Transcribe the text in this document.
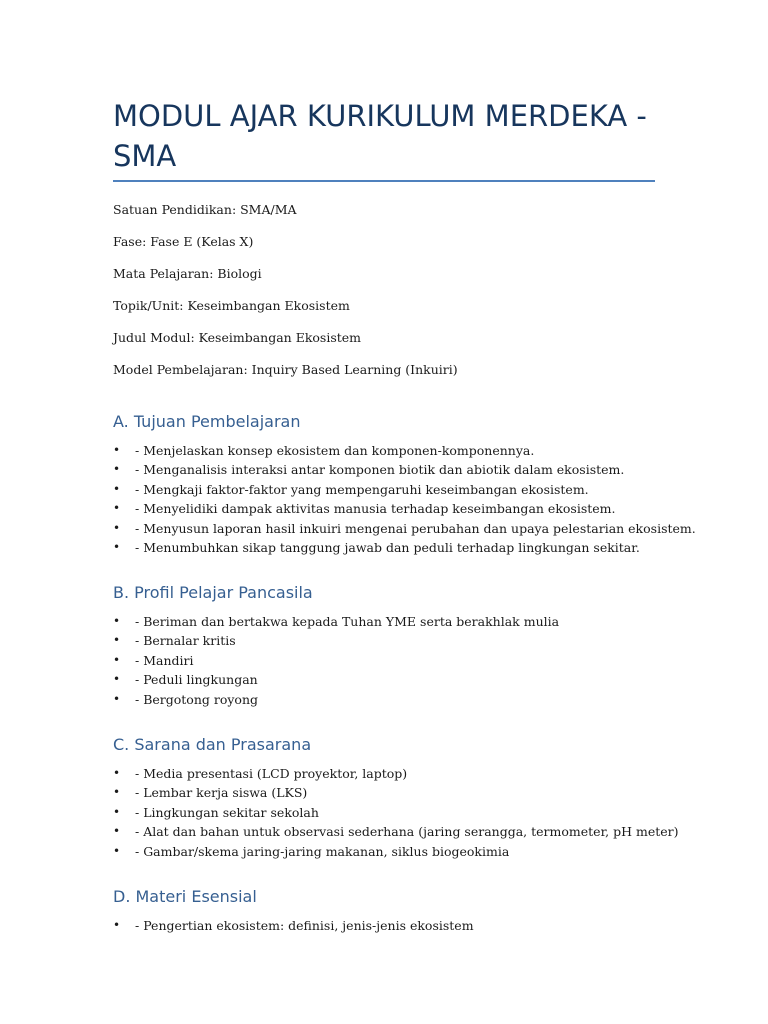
MODUL AJAR KURIKULUM MERDEKA - SMA

Satuan Pendidikan: SMA/MA

Fase: Fase E (Kelas X)

Mata Pelajaran: Biologi

Topik/Unit: Keseimbangan Ekosistem

Judul Modul: Keseimbangan Ekosistem

Model Pembelajaran: Inquiry Based Learning (Inkuiri)

A. Tujuan Pembelajaran
• - Menjelaskan konsep ekosistem dan komponen-komponennya.
• - Menganalisis interaksi antar komponen biotik dan abiotik dalam ekosistem.
• - Mengkaji faktor-faktor yang mempengaruhi keseimbangan ekosistem.
• - Menyelidiki dampak aktivitas manusia terhadap keseimbangan ekosistem.
• - Menyusun laporan hasil inkuiri mengenai perubahan dan upaya pelestarian ekosistem.
• - Menumbuhkan sikap tanggung jawab dan peduli terhadap lingkungan sekitar.
B. Profil Pelajar Pancasila
• - Beriman dan bertakwa kepada Tuhan YME serta berakhlak mulia
• - Bernalar kritis
• - Mandiri
• - Peduli lingkungan
• - Bergotong royong
C. Sarana dan Prasarana
• - Media presentasi (LCD proyektor, laptop)
• - Lembar kerja siswa (LKS)
• - Lingkungan sekitar sekolah
• - Alat dan bahan untuk observasi sederhana (jaring serangga, termometer, pH meter)
• - Gambar/skema jaring-jaring makanan, siklus biogeokimia
D. Materi Esensial
• - Pengertian ekosistem: definisi, jenis-jenis ekosistem
